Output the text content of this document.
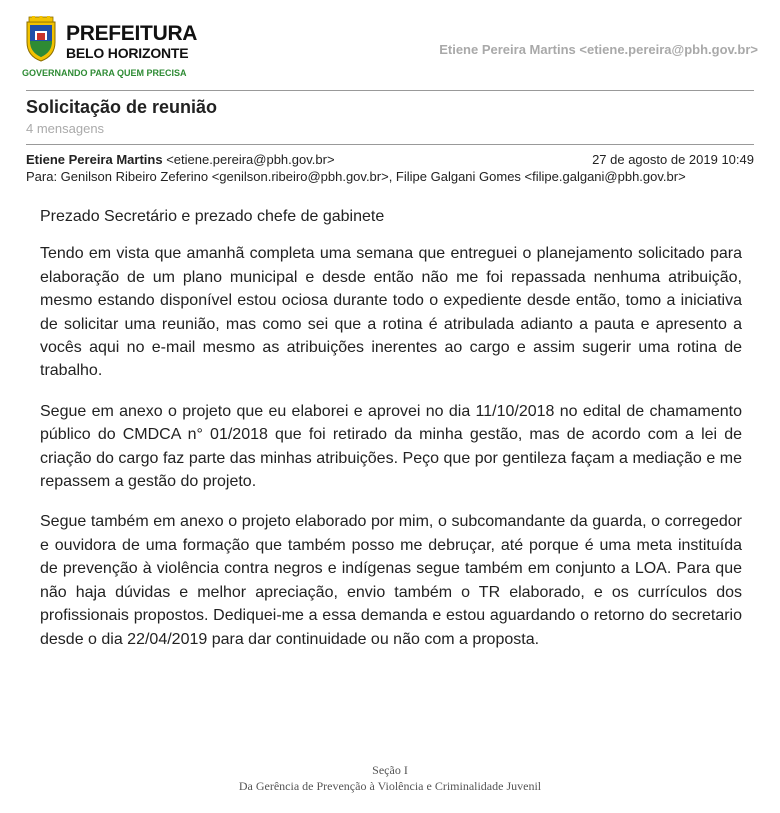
PREFEITURA
BELO HORIZONTE
GOVERNANDO PARA QUEM PRECISA
Etiene Pereira Martins <etiene.pereira@pbh.gov.br>
Solicitação de reunião
4 mensagens
Etiene Pereira Martins <etiene.pereira@pbh.gov.br>	27 de agosto de 2019 10:49
Para: Genilson Ribeiro Zeferino <genilson.ribeiro@pbh.gov.br>, Filipe Galgani Gomes <filipe.galgani@pbh.gov.br>

Prezado Secretário e prezado chefe de gabinete

Tendo em vista que amanhã completa uma semana que entreguei o planejamento solicitado para elaboração de um plano municipal e desde então não me foi repassada nenhuma atribuição, mesmo estando disponível estou ociosa durante todo o expediente desde então, tomo a iniciativa de solicitar uma reunião, mas como sei que a rotina é atribulada adianto a pauta e apresento a vocês aqui no e-mail mesmo as atribuições inerentes ao cargo e assim sugerir uma rotina de trabalho.

Segue em anexo o projeto que eu elaborei e aprovei no dia 11/10/2018 no edital de chamamento público do CMDCA n° 01/2018 que foi retirado da minha gestão, mas de acordo com a lei de criação do cargo faz parte das minhas atribuições. Peço que por gentileza façam a mediação e me repassem a gestão do projeto.

Segue também em anexo o projeto elaborado por mim, o subcomandante da guarda, o corregedor e ouvidora de uma formação que também posso me debruçar, até porque é uma meta instituída de prevenção à violência contra negros e indígenas segue também em conjunto a LOA. Para que não haja dúvidas e melhor apreciação, envio também o TR elaborado, e os currículos dos profissionais propostos. Dediquei-me a essa demanda e estou aguardando o retorno do secretario desde o dia 22/04/2019 para dar continuidade ou não com a proposta.

Seção I
Da Gerência de Prevenção à Violência e Criminalidade Juvenil
